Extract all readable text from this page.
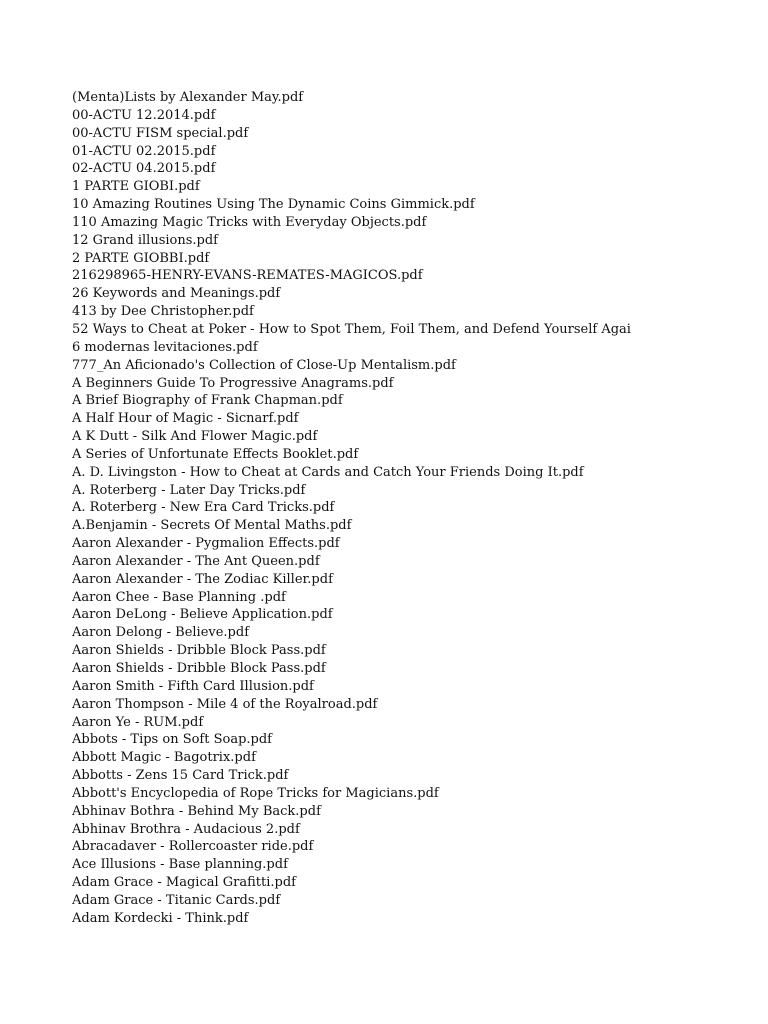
(Menta)Lists by Alexander May.pdf
00-ACTU 12.2014.pdf
00-ACTU FISM special.pdf
01-ACTU 02.2015.pdf
02-ACTU 04.2015.pdf
1 PARTE GIOBI.pdf
10 Amazing Routines Using The Dynamic Coins Gimmick.pdf
110 Amazing Magic Tricks with Everyday Objects.pdf
12 Grand illusions.pdf
2 PARTE GIOBBI.pdf
216298965-HENRY-EVANS-REMATES-MAGICOS.pdf
26 Keywords and Meanings.pdf
413 by Dee Christopher.pdf
52 Ways to Cheat at Poker - How to Spot Them, Foil Them, and Defend Yourself Agai
6 modernas levitaciones.pdf
777_An Aficionado's Collection of Close-Up Mentalism.pdf
A Beginners Guide To Progressive Anagrams.pdf
A Brief Biography of Frank Chapman.pdf
A Half Hour of Magic - Sicnarf.pdf
A K Dutt - Silk And Flower Magic.pdf
A Series of Unfortunate Effects Booklet.pdf
A. D. Livingston - How to Cheat at Cards and Catch Your Friends Doing It.pdf
A. Roterberg - Later Day Tricks.pdf
A. Roterberg - New Era Card Tricks.pdf
A.Benjamin - Secrets Of Mental Maths.pdf
Aaron Alexander - Pygmalion Effects.pdf
Aaron Alexander - The Ant Queen.pdf
Aaron Alexander - The Zodiac Killer.pdf
Aaron Chee - Base Planning .pdf
Aaron DeLong - Believe Application.pdf
Aaron Delong - Believe.pdf
Aaron Shields - Dribble Block Pass.pdf
Aaron Shields - Dribble Block Pass.pdf
Aaron Smith - Fifth Card Illusion.pdf
Aaron Thompson - Mile 4 of the Royalroad.pdf
Aaron Ye - RUM.pdf
Abbots - Tips on Soft Soap.pdf
Abbott Magic - Bagotrix.pdf
Abbotts - Zens 15 Card Trick.pdf
Abbott's Encyclopedia of Rope Tricks for Magicians.pdf
Abhinav Bothra - Behind My Back.pdf
Abhinav Brothra - Audacious 2.pdf
Abracadaver - Rollercoaster ride.pdf
Ace Illusions - Base planning.pdf
Adam Grace - Magical Grafitti.pdf
Adam Grace - Titanic Cards.pdf
Adam Kordecki - Think.pdf
